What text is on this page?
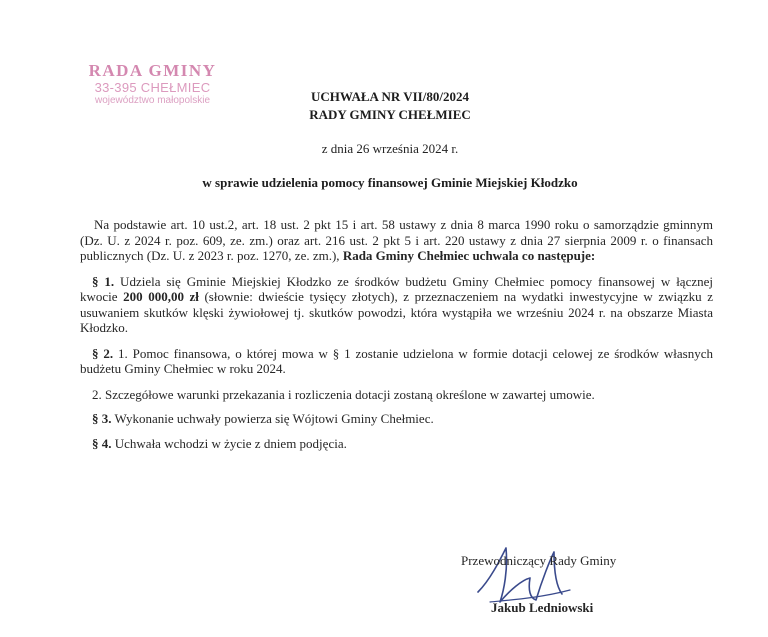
RADA GMINY
33-395 CHEŁMIEC
województwo małopolskie	UCHWAŁA NR VII/80/2024
RADY GMINY CHEŁMIEC
z dnia 26 września 2024 r.
w sprawie udzielenia pomocy finansowej Gminie Miejskiej Kłodzko

Na podstawie art. 10 ust.2, art. 18 ust. 2 pkt 15 i art. 58 ustawy z dnia 8 marca 1990 roku o samorządzie gminnym (Dz. U. z 2024 r. poz. 609, ze. zm.) oraz art. 216 ust. 2 pkt 5 i art. 220 ustawy z dnia 27 sierpnia 2009 r. o finansach publicznych (Dz. U. z 2023 r. poz. 1270, ze. zm.), Rada Gminy Chełmiec uchwala co następuje:

§ 1. Udziela się Gminie Miejskiej Kłodzko ze środków budżetu Gminy Chełmiec pomocy finansowej w łącznej kwocie 200 000,00 zł (słownie: dwieście tysięcy złotych), z przeznaczeniem na wydatki inwestycyjne w związku z usuwaniem skutków klęski żywiołowej tj. skutków powodzi, która wystąpiła we wrześniu 2024 r. na obszarze Miasta Kłodzko.

§ 2. 1. Pomoc finansowa, o której mowa w § 1 zostanie udzielona w formie dotacji celowej ze środków własnych budżetu Gminy Chełmiec w roku 2024.

2. Szczegółowe warunki przekazania i rozliczenia dotacji zostaną określone w zawartej umowie.

§ 3. Wykonanie uchwały powierza się Wójtowi Gminy Chełmiec.

§ 4. Uchwała wchodzi w życie z dniem podjęcia.

Przewodniczący Rady Gminy
Jakub Ledniowski
